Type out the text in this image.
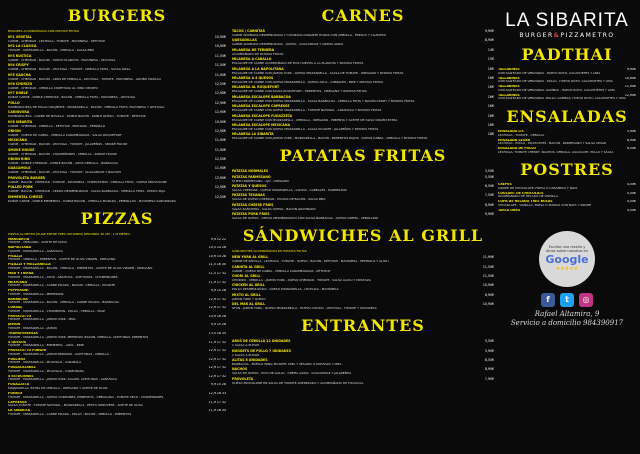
BURGERS
BURGERS ACOMPAÑADAS CON PATATAS FRITAS
Nº1 VEGETAL	10,90€
CARNE , CHEDDAR , LECHUGA , TOMATE , MAYONESA , KETCHUP
Nº2 LA CLÁSICA	10,90€
TOMATE , MOZZARELLA , BACÓN , CEBOLLA , SALSA BBQ
Nº3 RÚSTICA	11,50€
CARNE , CHEDDAR , BACÓN , HUEVO PLANCHA , MAYONESA , LECHUGA
Nº4 CRISPY	11,50€
CARNE , CHEDDAR , BACÓN , LECHUGA , TOMATE , CEBOLLA FRITA , SALSA ROSA
Nº5 GAUCHA	11,90€
CARNE , CHEDDAR , BACÓN , AROS DE CEBOLLA , LECHUGA , TOMATE , MAYONESA , ADOBO CRIOLLO
Nº6 CHORIZO	12,50€
CARNE , CHEDDAR , CEBOLLA CONFITADA AL VINO OPORTO
Nº7 DOBLE	12,90€
DOBLE CARNE , DOBLE CHEDDAR , BACÓN , CEBOLLA FRITA , MAYONESA , LECHUGA
POLLO	12,90€
HAMBURGUESA DE POLLO CRUJIENTE , MOZZARELLA , BACÓN , CEBOLLA FRITA, MAYONESA Y LECHUGA
CARNIVORA	12,90€
HAMBURGUESA , CARNE DE NOVILLA , DOBLE BACÓN , DOBLE QUESO , TOMATE , KETCHUP
Nº8 SIBARITA	10,90€
CARNE , CHEDDAR , CEBOLLA , KÉTCHUP , MOSTAZA , PEPINILLO
ORIGIN	12,90€
CARNE , QUESO DE CABRA , CEBOLLA CARAMELIZADA , SALSA ROQUEFORT
MEXICANA	11,90€
CARNE , CHEDDAR , BACÓN , LECHUGA , TOMATE , JALAPEÑOS , SMOKE HOUSE
SMOKE HOUSE	11,90€
CARNE , CHEDDAR , BACÓN , CHAMPIÑONES , CEBOLLA , SMOKE HOUSE
ONION RING	12,50€
CARNE , DOBLE CHEDDAR , DOBLE BACÓN , AROS CEBOLLA , BARBACOA
GUACAMOLE	11,90€
CARNE , CHEDDAR , BACÓN , LECHUGA , TOMATE , GUACAMOLE Y NACHOS
PROVOLETA BURGER	12,90€
CARNE , BACÓN , CHEDDAR , TOMATE , MAYONESA , CHIMICHURRI , CEBOLLA FRITA , QUESO PROVOLONE
PULLED PORK	12,90€
CARNE , BACÓN , CHEDDAR , CERDO DESMENUZADO , SALSA BARBACOA , CEBOLLA FRITA , PATATA PAJA
EMMENTAL CHEESE	12,50€
DOBLE CARNE , DOBLE EMMENTAL , DOBLE BACÓN , CEBOLLA MORADA , PEPINILLOS , MAYONESA SABORIZADA
PIZZAS
PIZZAS AL METRO (ELIGE ENTRE TRES OPCIONES) REDONDA 30 CM , 1 M METRO ,
MARGARITA	9,9 12 22
TOMATE , ORÉGANO , ACEITE DE OLIVA
NAPOLITANA	10,5 14 26
TOMATE , MOZZARELLA , ALBAHACA
PISAZZI	10,9 14 28
TOMATE , CEBOLLA , PIMIENTOS , ACEITE DE OLIVA VIRGEN , ORÉGANO
PIZAZZI Y MOZZARELLA	11,5 16 30
TOMATE , MOZZARELLA , BACÓN , CEBOLLA , PIMIENTOS , ACEITE DE OLIVA VIRGEN , ORÉGANO
MAR Y TIERRA	11,5 17 32
TOMATE , MOZZARELLA , ATÚN , ANCHOAS , ACEITUNAS , CHAMPIÑONES
MEXICANA	11,9 17 32
TOMATE , MOZZARELLA , CARNE PICADA , BACÓN , CEBOLLA , PICANTE
PEPPERONI	9,9 15 28
TOMATE , MOZZARELLA , PEPPERONI
BARBACOA	12,9 17 32
TOMATE , MOZZARELLA , BACÓN , CEBOLLA , CARNE PICADA , BARBACOA
CORRAL	12,9 17 32
TOMATE , MOZZARELLA , CHAMPIÑÓN , POLLO , CEBOLLA , MAÍZ
PROSCIUTTO	10,9 16 28
TOMATE , MOZZARELLA , JAMÓN YORK , PIÑA
JAMÓN	9,9 15 28
TOMATE , MOZZARELLA , JAMÓN
TRANSFERENCIA	13,5 18 35
TOMATE , MOZZARELLA , JAMÓN YORK, PEPERONI, BACÓN, CEBOLLA, ACEITUNAS, PIMIENTOS
4 QUESOS	11,9 17 32
TOMATE , MOZZARELLA , EMMENTAL , AZUL , BRIE
PROSCIUTTO FUNGHI	12,9 17 32
TOMATE , MOZZARELLA , JAMÓN SERRANO , ACEITUNAS , CEBOLLA
PUGLIESE	12,9 17 32
TOMATE , MOZZARELLA , PICADILLO , CARABALA
PUSSACATAREZ	12,9 17 32
TOMATE , MOZZARELLA , PICADILLO , CARBONARA
4 ESTACIONES	12,9 17 32
TOMATE , MOZZARELLA , JAMÓN YORK, SALAMI, ACEITUNAS , ALBAHACA
FUGAZZETA	9,9 15 28
MOZZARELLA, EXTRA DE CEBOLLA , ORÉGANO Y ACEITE DE OLIVA
PUEBLO	12,9 18 33
TOMATE , MOZZARELLA , QUESO CORDOBÉS, PIMIENTOS , CEBOLLINO , TOMATE SECO , CHAMPIÑONES
CAPRESSA	11,9 17 32
SALSA TOMATE , TOMATE NATURAL , MOZZARELLA , PESTO GENOVESE , ACEITE DE OLIVA
LA SIBARITA	11,9 16 34
TOMATE , MOZZARELLA , CARNE PICADA , POLLO , BACÓN , CEBOLLA , PIMIENTOS
CARNES
TACOS / CARNITAS	9,90€
CARNE ADOBADA DESMENUZADA Y COCINADA DURANTE HORAS CON CEBOLLA , FRESCO Y CILANTRO
QUESADILLAS	8,90€
CARNE ADOBADA DESMENUZADA , QUESO , GUACAMOLE Y CREMA AGRIA
MILANESA DE TERNERA	14€
ACOMPAÑADO DE PATATAS FRITAS
MILANESA A CABALLO	15€
ESCALOPE DE CARNE ACOMPAÑADO DE DOS HUEVOS A LA PLANCHA Y PATATAS FRITAS
MILANESA A LA NAPOLITANA	16€
ESCALOPE DE CARNE CON JAMÓN YORK , QUESO MOZZARELLA , SALSA DE TOMATE , ORÉGANO Y PATATAS FRITAS
MILANESA A 4 QUESOS	16€
ESCALOPE DE CARNE CON QUESO MOZZARELLA , QUESO AZUL , CABRALES , BRIE Y PATATAS FRITAS
MILANESA AL ROQUEFORT	16€
ESCALOPE DE CARNE CON SALSA ROQUEFORT , PIMIENTOS , ORÉGANO Y PATATAS FRITAS
MILANESA ESCALOPE BARBACOA	16€
ESCALOPE DE CARNE CON QUESO MOZZARELLA , SALSA BARBACOA , CEBOLLA FRITA Y BACÓN CRISPY Y PATATAS FRITAS
MILANESA ESCALOPE CAPRESSE	16€
ESCALOPE DE CARNE CON QUESO MOZZARELLA , TOMATE NATURAL , ALBAHACA Y PATATAS FRITAS
MILANESA ESCALOPE FUGAZZETA	16€
ESCALOPE DE CARNE CON MOZZARELLA , CEBOLLA , ORÉGANO , PIMIENTA Y ACEITE DE OLIVA VIRGEN EXTRA
MILANESA ESCALOPE MEXICANA	16€
ESCALOPE DE CARNE CON QUESO MOZZARELLA , SALSA PICANTE , JALAPEÑOS Y PATATAS FRITAS
MILANESA LA SIBARITA	18€
ESCALOPE DE CARNE CON JAMÓN YORK , MOZZARELLA , BACÓN , PIMIENTOS ROJOS , QUESO CABRA , CEBOLLA Y PATATAS FRITAS
PATATAS FRITAS
PATATAS NORMALES	3,50€
PATATAS PARMESANO	5,50€
QUESO PARMESANO , AJO , ORÉGANO
PATATAS Y QUESOS	6,50€
SALSA CHEDDAR , QUESO MOZZARELLA , GOUDA , CABRALES , PARMESANO
PATATAS TEXANAS	7,50€
SALSA DE QUESO CHEDDAR , PICADA DE BACÓN , SALSA BBQ
PATATAS CHEESE FRIES	8,90€
SALSA RANCHERA , SALSA QUESO , BACÓN GRATINADO
PATATAS PORK FRIES	9,90€
SALSA DE QUESO , CERDO DESMENUZADO CON SALSA BARBACOA , QUESO CREMA , CEBOLLINO
SÁNDWICHES AL GRILL
SÁNDWICHES ACOMPAÑADOS DE PATATAS FRITAS
NEW YORK AL GRILL	11,90€
CARNE DE NOVILLA , LECHUGA , TOMATE , QUESO , BACÓN , KÉTCHUP , MAYONESA , PEPINILLO Y ALIOLI
CARNITA AL GRILL	11,50€
CARNE , QUESO DE CABRA , CEBOLLA CARAMELIZADA , KÉTCHUP
CHORI AL GRILL	11,50€
CHORIZO , CEBOLLA , JAMÓN YORK , QUESO CHEDDAR , TOMATE , SALSA ALIOLI Y MOSTAZA
CHICKEN AL GRILL	10,90€
POLLO DESMENUZADO , QUESO MOZZARELLA , LECHUGA , MAYONESA
MIXTO AL GRILL	6,90€
JAMÓN YORK Y QUESO
DEL MAR AL GRILL	10,90€
ATÚN , JAMÓN YORK , QUESO MOZZARELLA , HUEVO COCIDO , LECHUGA , TOMATE Y MAYONESA
ENTRANTES
AROS DE CEBOLLA 12 UNIDADES	5,50€
1 SALSA A ELEGIR
NUGGETS DE POLLO 7 UNIDADES	5,90€
1 SALSA A ELEGIR
ALITAS 8 UNIDADES	8,50€
BARBACOA , BÚFALO WING PICANTE, MIEL Y SÉSAMO O MOSTAZA Y MIEL
NACHOS	8,90€
SALSA DE QUESO , PICO DE GALLO , CREMA AGRIA , GUACAMOLE Y JALAPEÑOS
PROVOLETA	7,90€
QUESO PROVOLONE EN SALSA DE TOMATE ADEREZADO Y ACOMPAÑADO DE FOCACCIA
LA SIBARITA
BURGER&PIZZAMETRO
PADTHAI
TALLARINES	9,90€
CON SALTEADO DE VERDURAS , HUEVO ROTO, CACAHUETES Y LIMA
TALLARINES	10,90€
CON SALTEADO DE VERDURAS , POLLO , HUEVO ROTO, CACAHUETES Y LIMA
TALLARINES	11,90€
CON SALTEADO DE VERDURAS, GAMBAS , HUEVO ROTO, CACAHUETES Y LIMA
TALLARINES	12,90€
CON SALTEADO DE VERDURAS ,POLLO, GAMBAS, HUEVO ROTO, CACAHUETES Y LIMA
ENSALADAS
ENSALADA LTC	5,90€
LECHUGA , TOMATE , CEBOLLA
ENSALADA CÉSAR	8,90€
LECHUGA , POLLO , PICATOSTES , BACÓN , PARMESANO Y SALSA CÉSAR
ENSALADA DE POLLO	9,50€
LECHUGA, TOMATE CHERRY, NACHOS, CEBOLLA, AGUACATE, POLLO Y SALSA
POSTRES
CREPES	4,50€
SIROPE DE CHOCOLATE, FRESA O CARAMELO Y NATA
COULANT DE CHOCOLATE	5,50€
ACOMPAÑADO DE HELADO DE VAINILLA
COPA DE HELADO TRES BOLAS	4,50€
CHOCOLATE , VAINILLA, FRESA O MANGO CON NATA Y SIROPE
TARTA OREO	4,50€
Escribe una reseña y dinos sobre nosotros en
Google
★★★★★
f	t	◎
Rafael Altamira, 9
Servicio a domicilio 984390917
